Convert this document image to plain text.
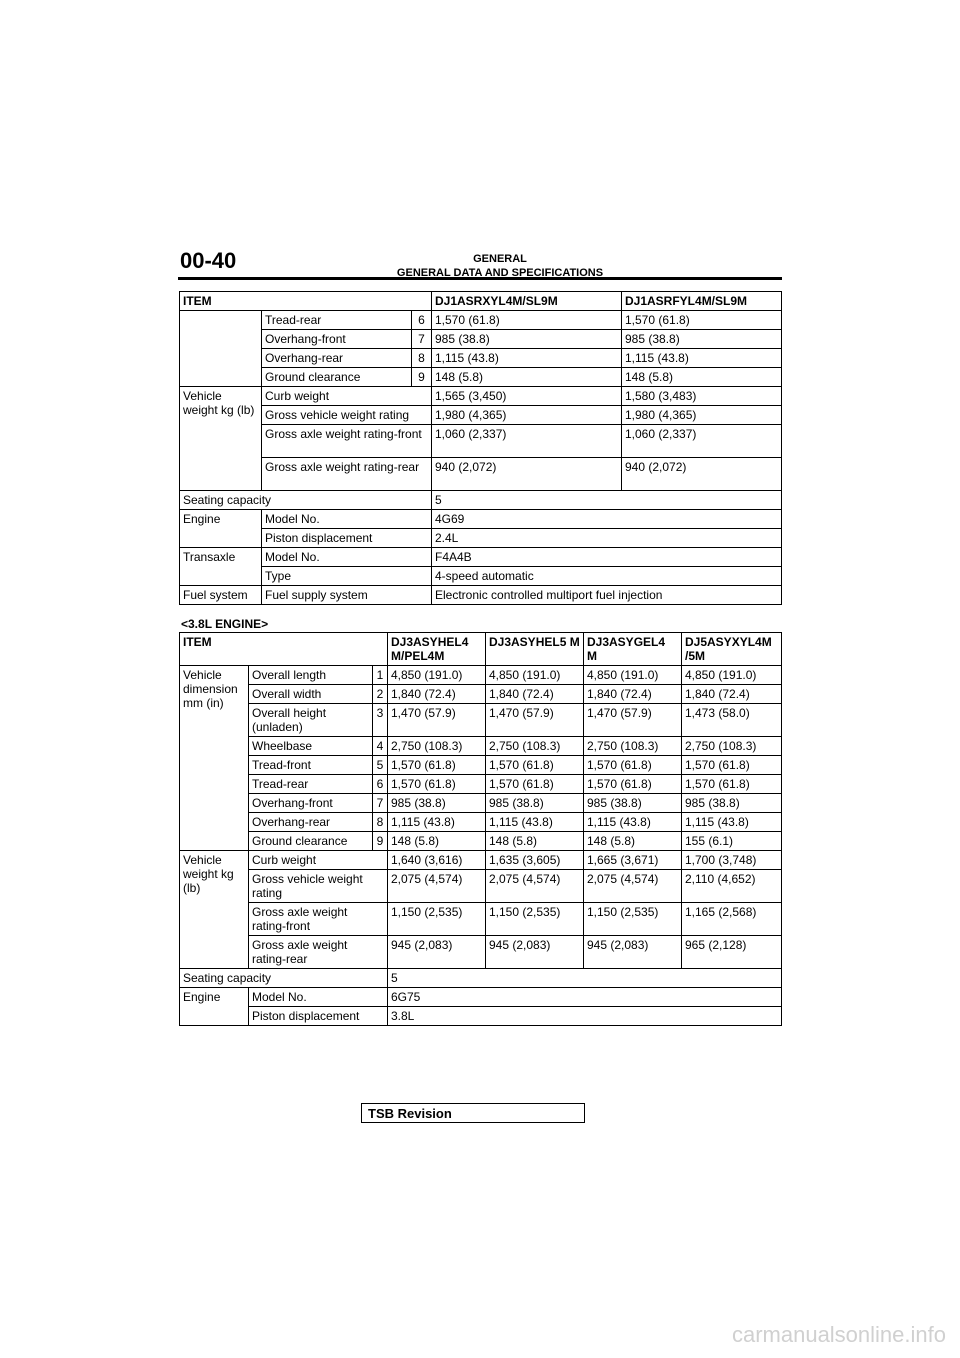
00-40	GENERAL
GENERAL DATA AND SPECIFICATIONS
ITEM			DJ1ASRXYL4M/SL9M	DJ1ASRFYL4M/SL9M
	Tread-rear	6	1,570 (61.8)	1,570 (61.8)
	Overhang-front	7	985 (38.8)	985 (38.8)
	Overhang-rear	8	1,115 (43.8)	1,115 (43.8)
	Ground clearance	9	148 (5.8)	148 (5.8)
Vehicle weight kg (lb)	Curb weight		1,565 (3,450)	1,580 (3,483)
	Gross vehicle weight rating		1,980 (4,365)	1,980 (4,365)
	Gross axle weight rating-front		1,060 (2,337)	1,060 (2,337)
	Gross axle weight rating-rear		940 (2,072)	940 (2,072)
Seating capacity			5	
Engine	Model No.		4G69	
	Piston displacement		2.4L	
Transaxle	Model No.		F4A4B	
	Type		4-speed automatic	
Fuel system	Fuel supply system		Electronic controlled multiport fuel injection	
<3.8L ENGINE>
ITEM			DJ3ASYHEL4 M/PEL4M	DJ3ASYHEL5 M	DJ3ASYGEL4 M	DJ5ASYXYL4M /5M
Vehicle dimension mm (in)	Overall length	1	4,850 (191.0)	4,850 (191.0)	4,850 (191.0)	4,850 (191.0)
	Overall width	2	1,840 (72.4)	1,840 (72.4)	1,840 (72.4)	1,840 (72.4)
	Overall height (unladen)	3	1,470 (57.9)	1,470 (57.9)	1,470 (57.9)	1,473 (58.0)
	Wheelbase	4	2,750 (108.3)	2,750 (108.3)	2,750 (108.3)	2,750 (108.3)
	Tread-front	5	1,570 (61.8)	1,570 (61.8)	1,570 (61.8)	1,570 (61.8)
	Tread-rear	6	1,570 (61.8)	1,570 (61.8)	1,570 (61.8)	1,570 (61.8)
	Overhang-front	7	985 (38.8)	985 (38.8)	985 (38.8)	985 (38.8)
	Overhang-rear	8	1,115 (43.8)	1,115 (43.8)	1,115 (43.8)	1,115 (43.8)
	Ground clearance	9	148 (5.8)	148 (5.8)	148 (5.8)	155 (6.1)
Vehicle weight kg (lb)	Curb weight		1,640 (3,616)	1,635 (3,605)	1,665 (3,671)	1,700 (3,748)
	Gross vehicle weight rating		2,075 (4,574)	2,075 (4,574)	2,075 (4,574)	2,110 (4,652)
	Gross axle weight rating-front		1,150 (2,535)	1,150 (2,535)	1,150 (2,535)	1,165 (2,568)
	Gross axle weight rating-rear		945 (2,083)	945 (2,083)	945 (2,083)	965 (2,128)
Seating capacity			5			
Engine	Model No.		6G75			
	Piston displacement		3.8L			
TSB Revision
carmanualsonline.info
